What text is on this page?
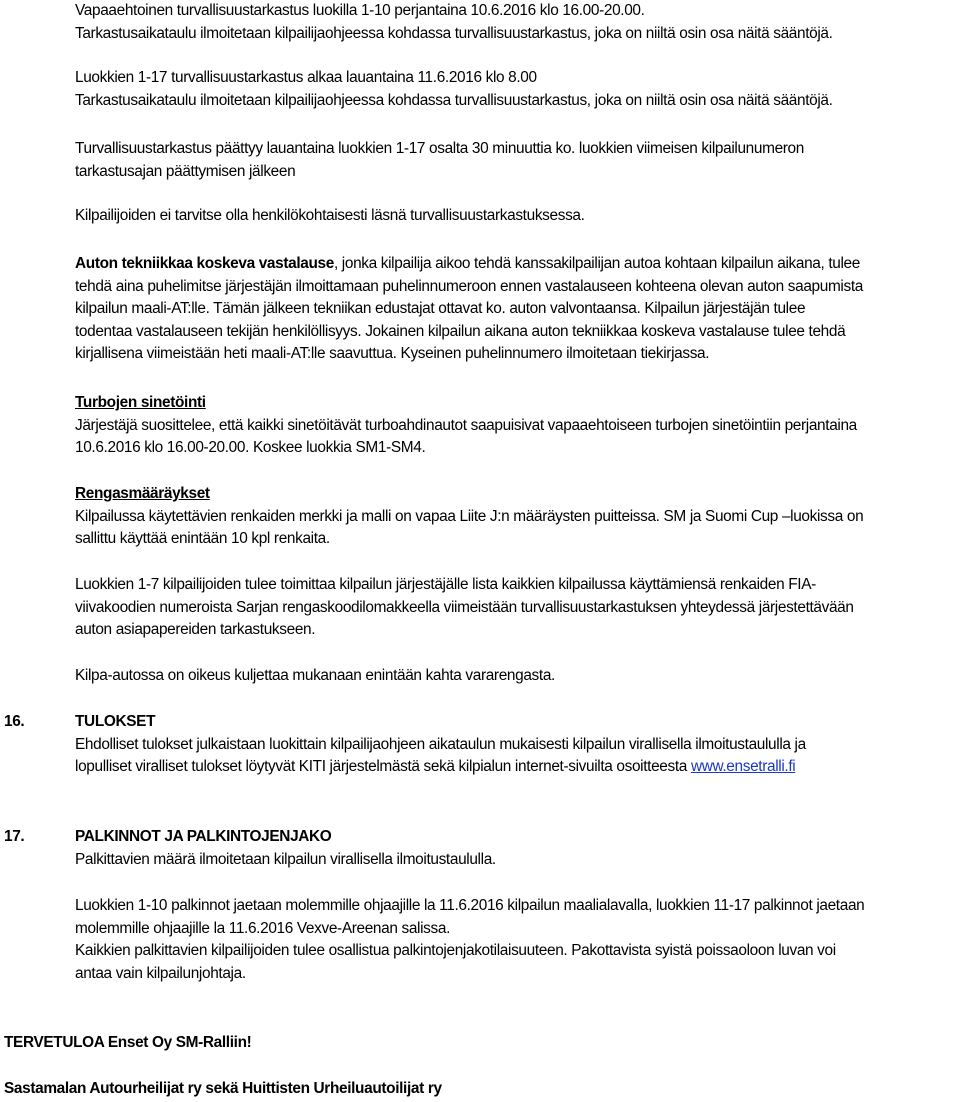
Vapaaehtoinen turvallisuustarkastus luokilla 1-10 perjantaina 10.6.2016 klo 16.00-20.00.

Tarkastusaikataulu ilmoitetaan kilpailijaohjeessa kohdassa turvallisuustarkastus, joka on niiltä osin osa näitä sääntöjä.

Luokkien 1-17 turvallisuustarkastus alkaa lauantaina 11.6.2016 klo 8.00

Tarkastusaikataulu ilmoitetaan kilpailijaohjeessa kohdassa turvallisuustarkastus, joka on niiltä osin osa näitä sääntöjä.

Turvallisuustarkastus päättyy lauantaina luokkien 1-17 osalta 30 minuuttia ko. luokkien viimeisen kilpailunumeron

tarkastusajan päättymisen jälkeen

Kilpailijoiden ei tarvitse olla henkilökohtaisesti läsnä turvallisuustarkastuksessa.

Auton tekniikkaa koskeva vastalause, jonka kilpailija aikoo tehdä kanssakilpailijan autoa kohtaan kilpailun aikana, tulee

tehdä aina puhelimitse järjestäjän ilmoittamaan puhelinnumeroon ennen vastalauseen kohteena olevan auton saapumista

kilpailun maali-AT:lle. Tämän jälkeen tekniikan edustajat ottavat ko. auton valvontaansa. Kilpailun järjestäjän tulee

todentaa vastalauseen tekijän henkilöllisyys. Jokainen kilpailun aikana auton tekniikkaa koskeva vastalause tulee tehdä

kirjallisena viimeistään heti maali-AT:lle saavuttua. Kyseinen puhelinnumero ilmoitetaan tiekirjassa.

Turbojen sinetöinti

Järjestäjä suosittelee, että kaikki sinetöitävät turboahdinautot saapuisivat vapaaehtoiseen turbojen sinetöintiin perjantaina

10.6.2016 klo 16.00-20.00. Koskee luokkia SM1-SM4.

Rengasmääräykset

Kilpailussa käytettävien renkaiden merkki ja malli on vapaa Liite J:n määräysten puitteissa. SM ja Suomi Cup –luokissa on

sallittu käyttää enintään 10 kpl renkaita.

Luokkien 1-7 kilpailijoiden tulee toimittaa kilpailun järjestäjälle lista kaikkien kilpailussa käyttämiensä renkaiden FIA-

viivakoodien numeroista Sarjan rengaskoodilomakkeella viimeistään turvallisuustarkastuksen yhteydessä järjestettävään

auton asiapapereiden tarkastukseen.

Kilpa-autossa on oikeus kuljettaa mukanaan enintään kahta vararengasta.

16.	TULOKSET

Ehdolliset tulokset julkaistaan luokittain kilpailijaohjeen aikataulun mukaisesti kilpailun virallisella ilmoitustaululla ja

lopulliset viralliset tulokset löytyvät KITI järjestelmästä sekä kilpialun internet-sivuilta osoitteesta www.ensetralli.fi

17.	PALKINNOT JA PALKINTOJENJAKO

Palkittavien määrä ilmoitetaan kilpailun virallisella ilmoitustaululla.

Luokkien 1-10 palkinnot jaetaan molemmille ohjaajille la 11.6.2016 kilpailun maalialavalla, luokkien 11-17 palkinnot jaetaan

molemmille ohjaajille la 11.6.2016 Vexve-Areenan salissa.

Kaikkien palkittavien kilpailijoiden tulee osallistua palkintojenjakotilaisuuteen. Pakottavista syistä poissaoloon luvan voi

antaa vain kilpailunjohtaja.

TERVETULOA Enset Oy SM-Ralliin!

Sastamalan Autourheilijat ry sekä Huittisten Urheiluautoilijat ry
